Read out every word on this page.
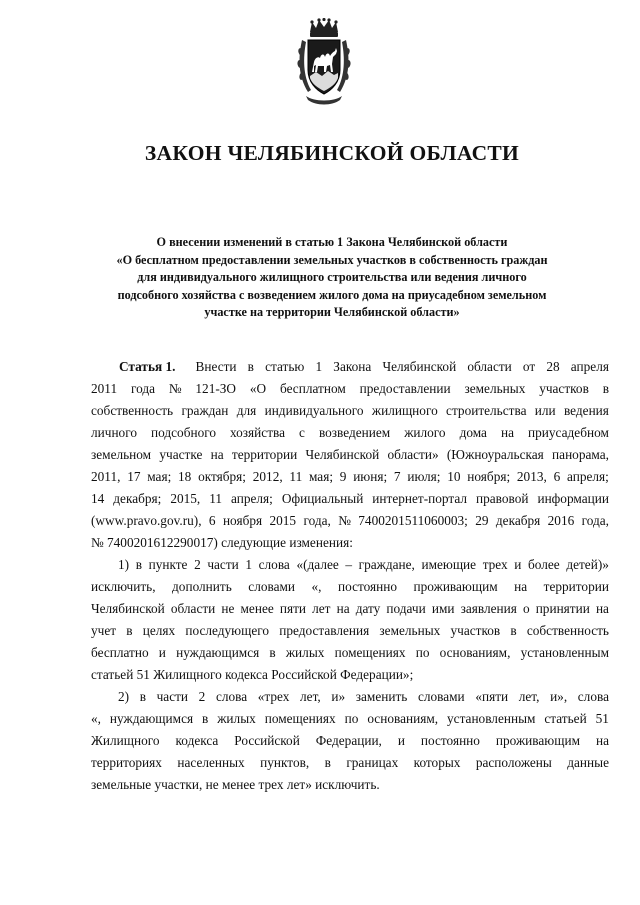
ЗАКОН ЧЕЛЯБИНСКОЙ ОБЛАСТИ
О внесении изменений в статью 1 Закона Челябинской области
«О бесплатном предоставлении земельных участков в собственность граждан
для индивидуального жилищного строительства или ведения личного
подсобного хозяйства с возведением жилого дома на приусадебном земельном
участке на территории Челябинской области»
Статья 1. Внести в статью 1 Закона Челябинской области от 28 апреля
2011 года № 121-ЗО «О бесплатном предоставлении земельных участков в
собственность граждан для индивидуального жилищного строительства или ведения
личного подсобного хозяйства с возведением жилого дома на приусадебном
земельном участке на территории Челябинской области» (Южноуральская панорама,
2011, 17 мая; 18 октября; 2012, 11 мая; 9 июня; 7 июля; 10 ноября; 2013, 6 апреля;
14 декабря; 2015, 11 апреля; Официальный интернет-портал правовой информации
(www.pravo.gov.ru), 6 ноября 2015 года, № 7400201511060003; 29 декабря 2016 года,
№ 7400201612290017) следующие изменения:
1) в пункте 2 части 1 слова «(далее – граждане, имеющие трех и более детей)»
исключить, дополнить словами «, постоянно проживающим на территории
Челябинской области не менее пяти лет на дату подачи ими заявления о принятии на
учет в целях последующего предоставления земельных участков в собственность
бесплатно и нуждающимся в жилых помещениях по основаниям, установленным
статьей 51 Жилищного кодекса Российской Федерации»;
2) в части 2 слова «трех лет, и» заменить словами «пяти лет, и», слова
«, нуждающимся в жилых помещениях по основаниям, установленным статьей 51
Жилищного кодекса Российской Федерации, и постоянно проживающим на
территориях населенных пунктов, в границах которых расположены данные
земельные участки, не менее трех лет» исключить.
